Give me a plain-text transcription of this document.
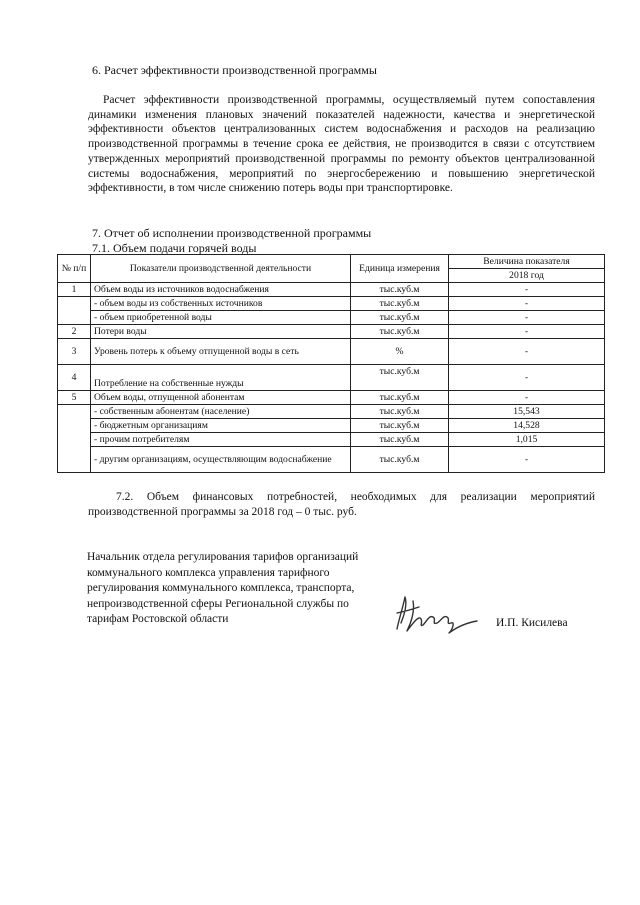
6. Расчет эффективности производственной программы
Расчет эффективности производственной программы, осуществляемый путем сопоставления динамики изменения плановых значений показателей надежности, качества и энергетической эффективности объектов централизованных систем водоснабжения и расходов на реализацию производственной программы в течение срока ее действия, не производится в связи с отсутствием утвержденных мероприятий производственной программы по ремонту объектов централизованной системы водоснабжения, мероприятий по энергосбережению и повышению энергетической эффективности, в том числе снижению потерь воды при транспортировке.
7. Отчет об исполнении производственной программы
7.1. Объем подачи горячей воды
№ п/п	Показатели производственной деятельности	Единица измерения	Величина показателя
			2018 год
1	Объем воды из источников водоснабжения	тыс.куб.м	-
	- объем воды из собственных источников	тыс.куб.м	-
	- объем приобретенной воды	тыс.куб.м	-
2	Потери воды	тыс.куб.м	-
3	Уровень потерь к объему отпущенной воды в сеть	%	-
4	Потребление на собственные нужды	тыс.куб.м	-
5	Объем воды, отпущенной абонентам	тыс.куб.м	-
	- собственным абонентам (население)	тыс.куб.м	15,543
	- бюджетным организациям	тыс.куб.м	14,528
	- прочим потребителям	тыс.куб.м	1,015
	- другим организациям, осуществляющим водоснабжение	тыс.куб.м	-
7.2. Объем финансовых потребностей, необходимых для реализации мероприятий производственной программы за 2018 год – 0 тыс. руб.
Начальник отдела регулирования тарифов организаций коммунального комплекса управления тарифного регулирования коммунального комплекса, транспорта, непроизводственной сферы Региональной службы по тарифам Ростовской области	И.П. Кисилева
